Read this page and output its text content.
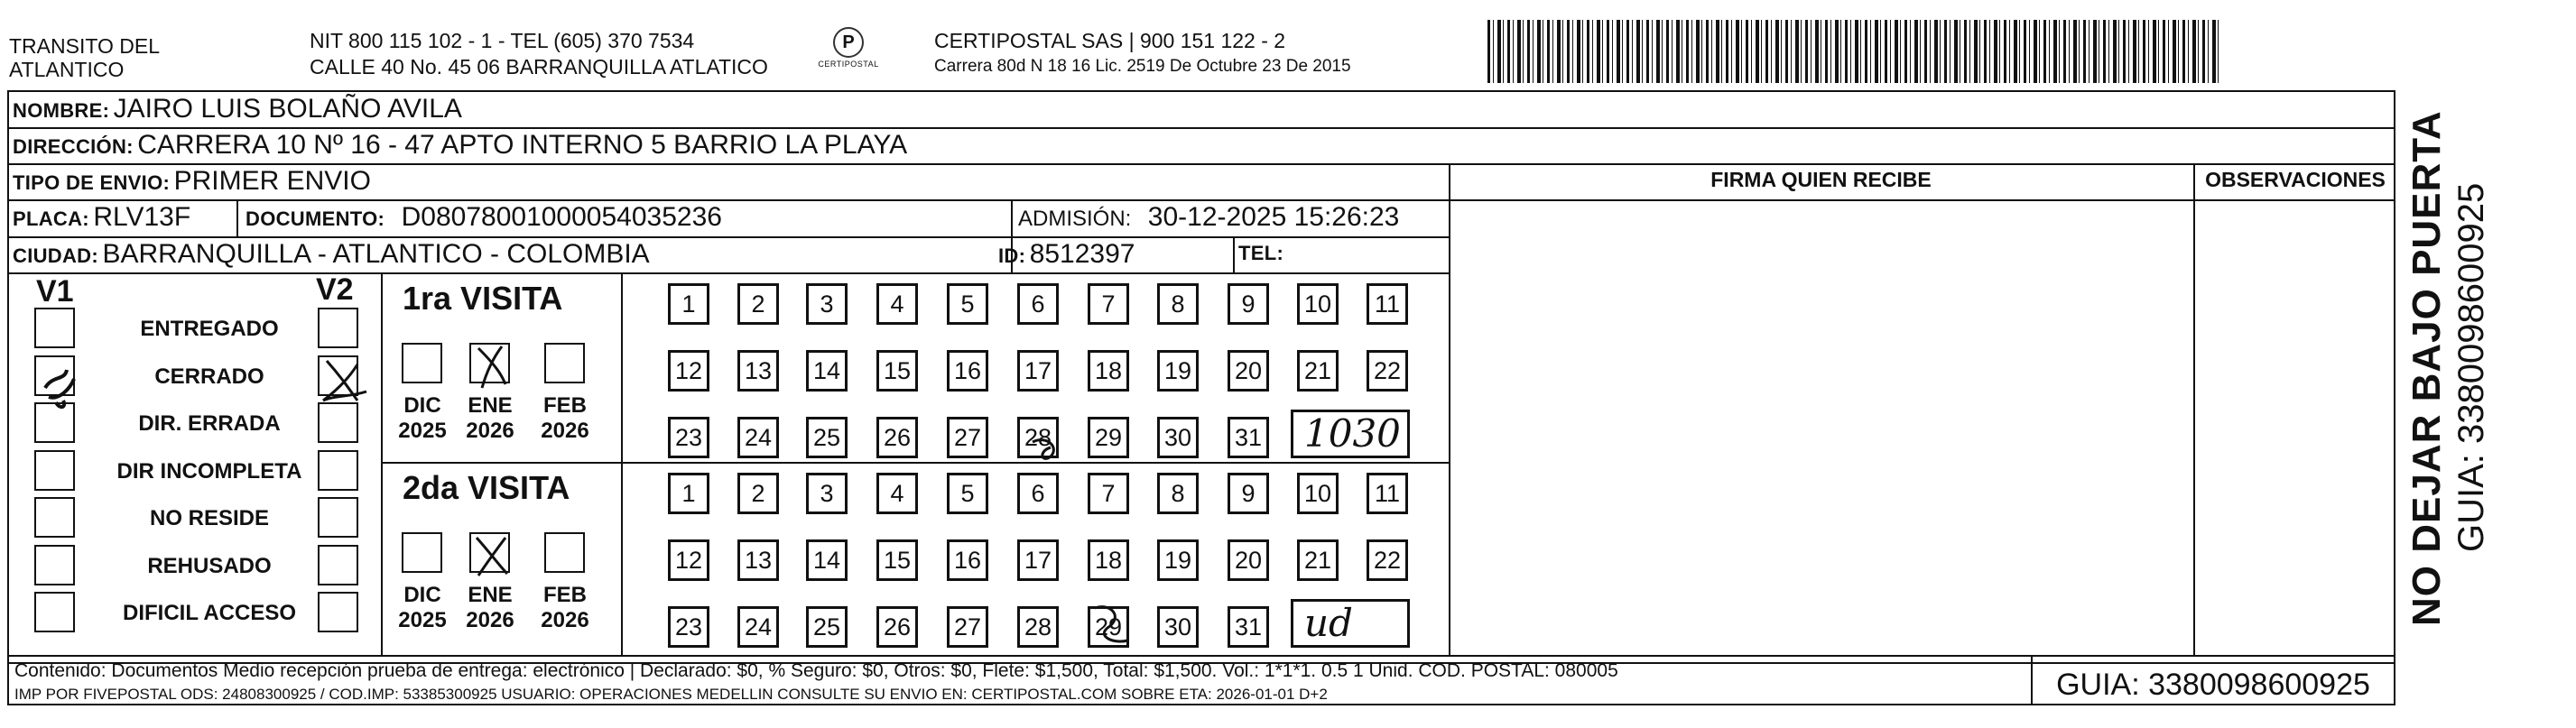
TRANSITO DEL ATLANTICO
NIT 800 115 102 - 1 - TEL (605) 370 7534
CALLE 40 No. 45 06 BARRANQUILLA ATLATICO
P
CERTIPOSTAL
CERTIPOSTAL SAS | 900 151 122 - 2
Carrera 80d N 18 16 Lic. 2519 De Octubre 23 De 2015
NOMBRE: JAIRO LUIS BOLAÑO AVILA
DIRECCIÓN: CARRERA 10 Nº 16 - 47 APTO INTERNO 5 BARRIO LA PLAYA
TIPO DE ENVIO: PRIMER ENVIO	FIRMA QUIEN RECIBE	OBSERVACIONES
PLACA: RLV13F	DOCUMENTO: D08078001000054035236	ADMISIÓN: 30-12-2025 15:26:23
CIUDAD: BARRANQUILLA - ATLANTICO - COLOMBIA	ID: 8512397	TEL:
V1	V2
ENTREGADO
CERRADO
DIR. ERRADA
DIR INCOMPLETA
NO RESIDE
REHUSADO
DIFICIL ACCESO
1ra VISITA
DIC
2025
ENE
2026
FEB
2026
1	2	3	4	5	6	7	8	9	10	11
12 13 14 15 16 17 18 19 20 21 22
23 24 25 26 27 28 29 30 31	1030
2da VISITA
DIC
2025
ENE
2026
FEB
2026
1	2	3	4	5	6	7	8	9	10	11
12 13 14 15 16 17 18 19 20 21 22
23 24 25 26 27 28 29 30 31	ud
Contenido: Documentos Medio recepción prueba de entrega: electrónico | Declarado: $0, % Seguro: $0, Otros: $0, Flete: $1,500, Total: $1,500. Vol.: 1*1*1. 0.5 1 Unid. COD. POSTAL: 080005
IMP POR FIVEPOSTAL ODS: 24808300925 / COD.IMP: 53385300925 USUARIO: OPERACIONES MEDELLIN CONSULTE SU ENVIO EN: CERTIPOSTAL.COM SOBRE ETA: 2026-01-01 D+2	GUIA: 3380098600925
NO DEJAR BAJO PUERTA GUIA: 3380098600925
